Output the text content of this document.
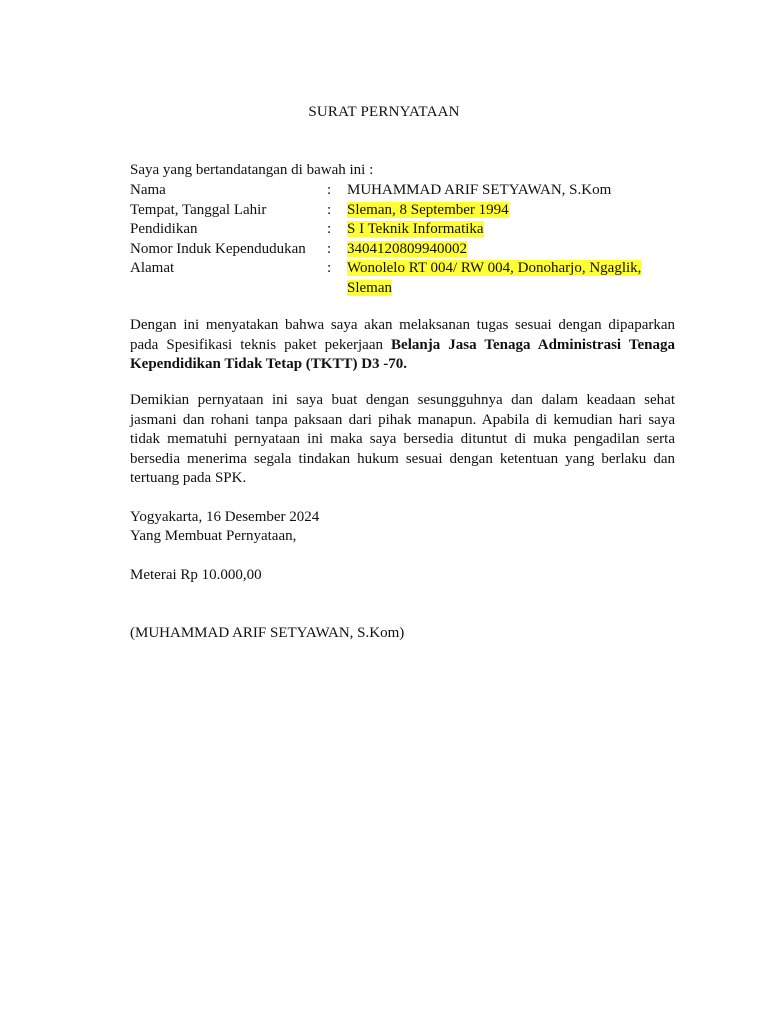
SURAT PERNYATAAN
Saya yang bertandatangan di bawah ini :
Nama	:	MUHAMMAD ARIF SETYAWAN, S.Kom
Tempat, Tanggal Lahir	:	Sleman, 8 September 1994
Pendidikan	:	S I Teknik Informatika
Nomor Induk Kependudukan	:	3404120809940002
Alamat	:	Wonolelo RT 004/ RW 004, Donoharjo, Ngaglik,
Sleman
Dengan ini menyatakan bahwa saya akan melaksanan tugas sesuai dengan dipaparkan pada Spesifikasi teknis paket pekerjaan Belanja Jasa Tenaga Administrasi Tenaga Kependidikan Tidak Tetap (TKTT) D3 -70.
Demikian pernyataan ini saya buat dengan sesungguhnya dan dalam keadaan sehat jasmani dan rohani tanpa paksaan dari pihak manapun. Apabila di kemudian hari saya tidak mematuhi pernyataan ini maka saya bersedia dituntut di muka pengadilan serta bersedia menerima segala tindakan hukum sesuai dengan ketentuan yang berlaku dan tertuang pada SPK.
Yogyakarta, 16 Desember 2024
Yang Membuat Pernyataan,
Meterai Rp 10.000,00
(MUHAMMAD ARIF SETYAWAN, S.Kom)
